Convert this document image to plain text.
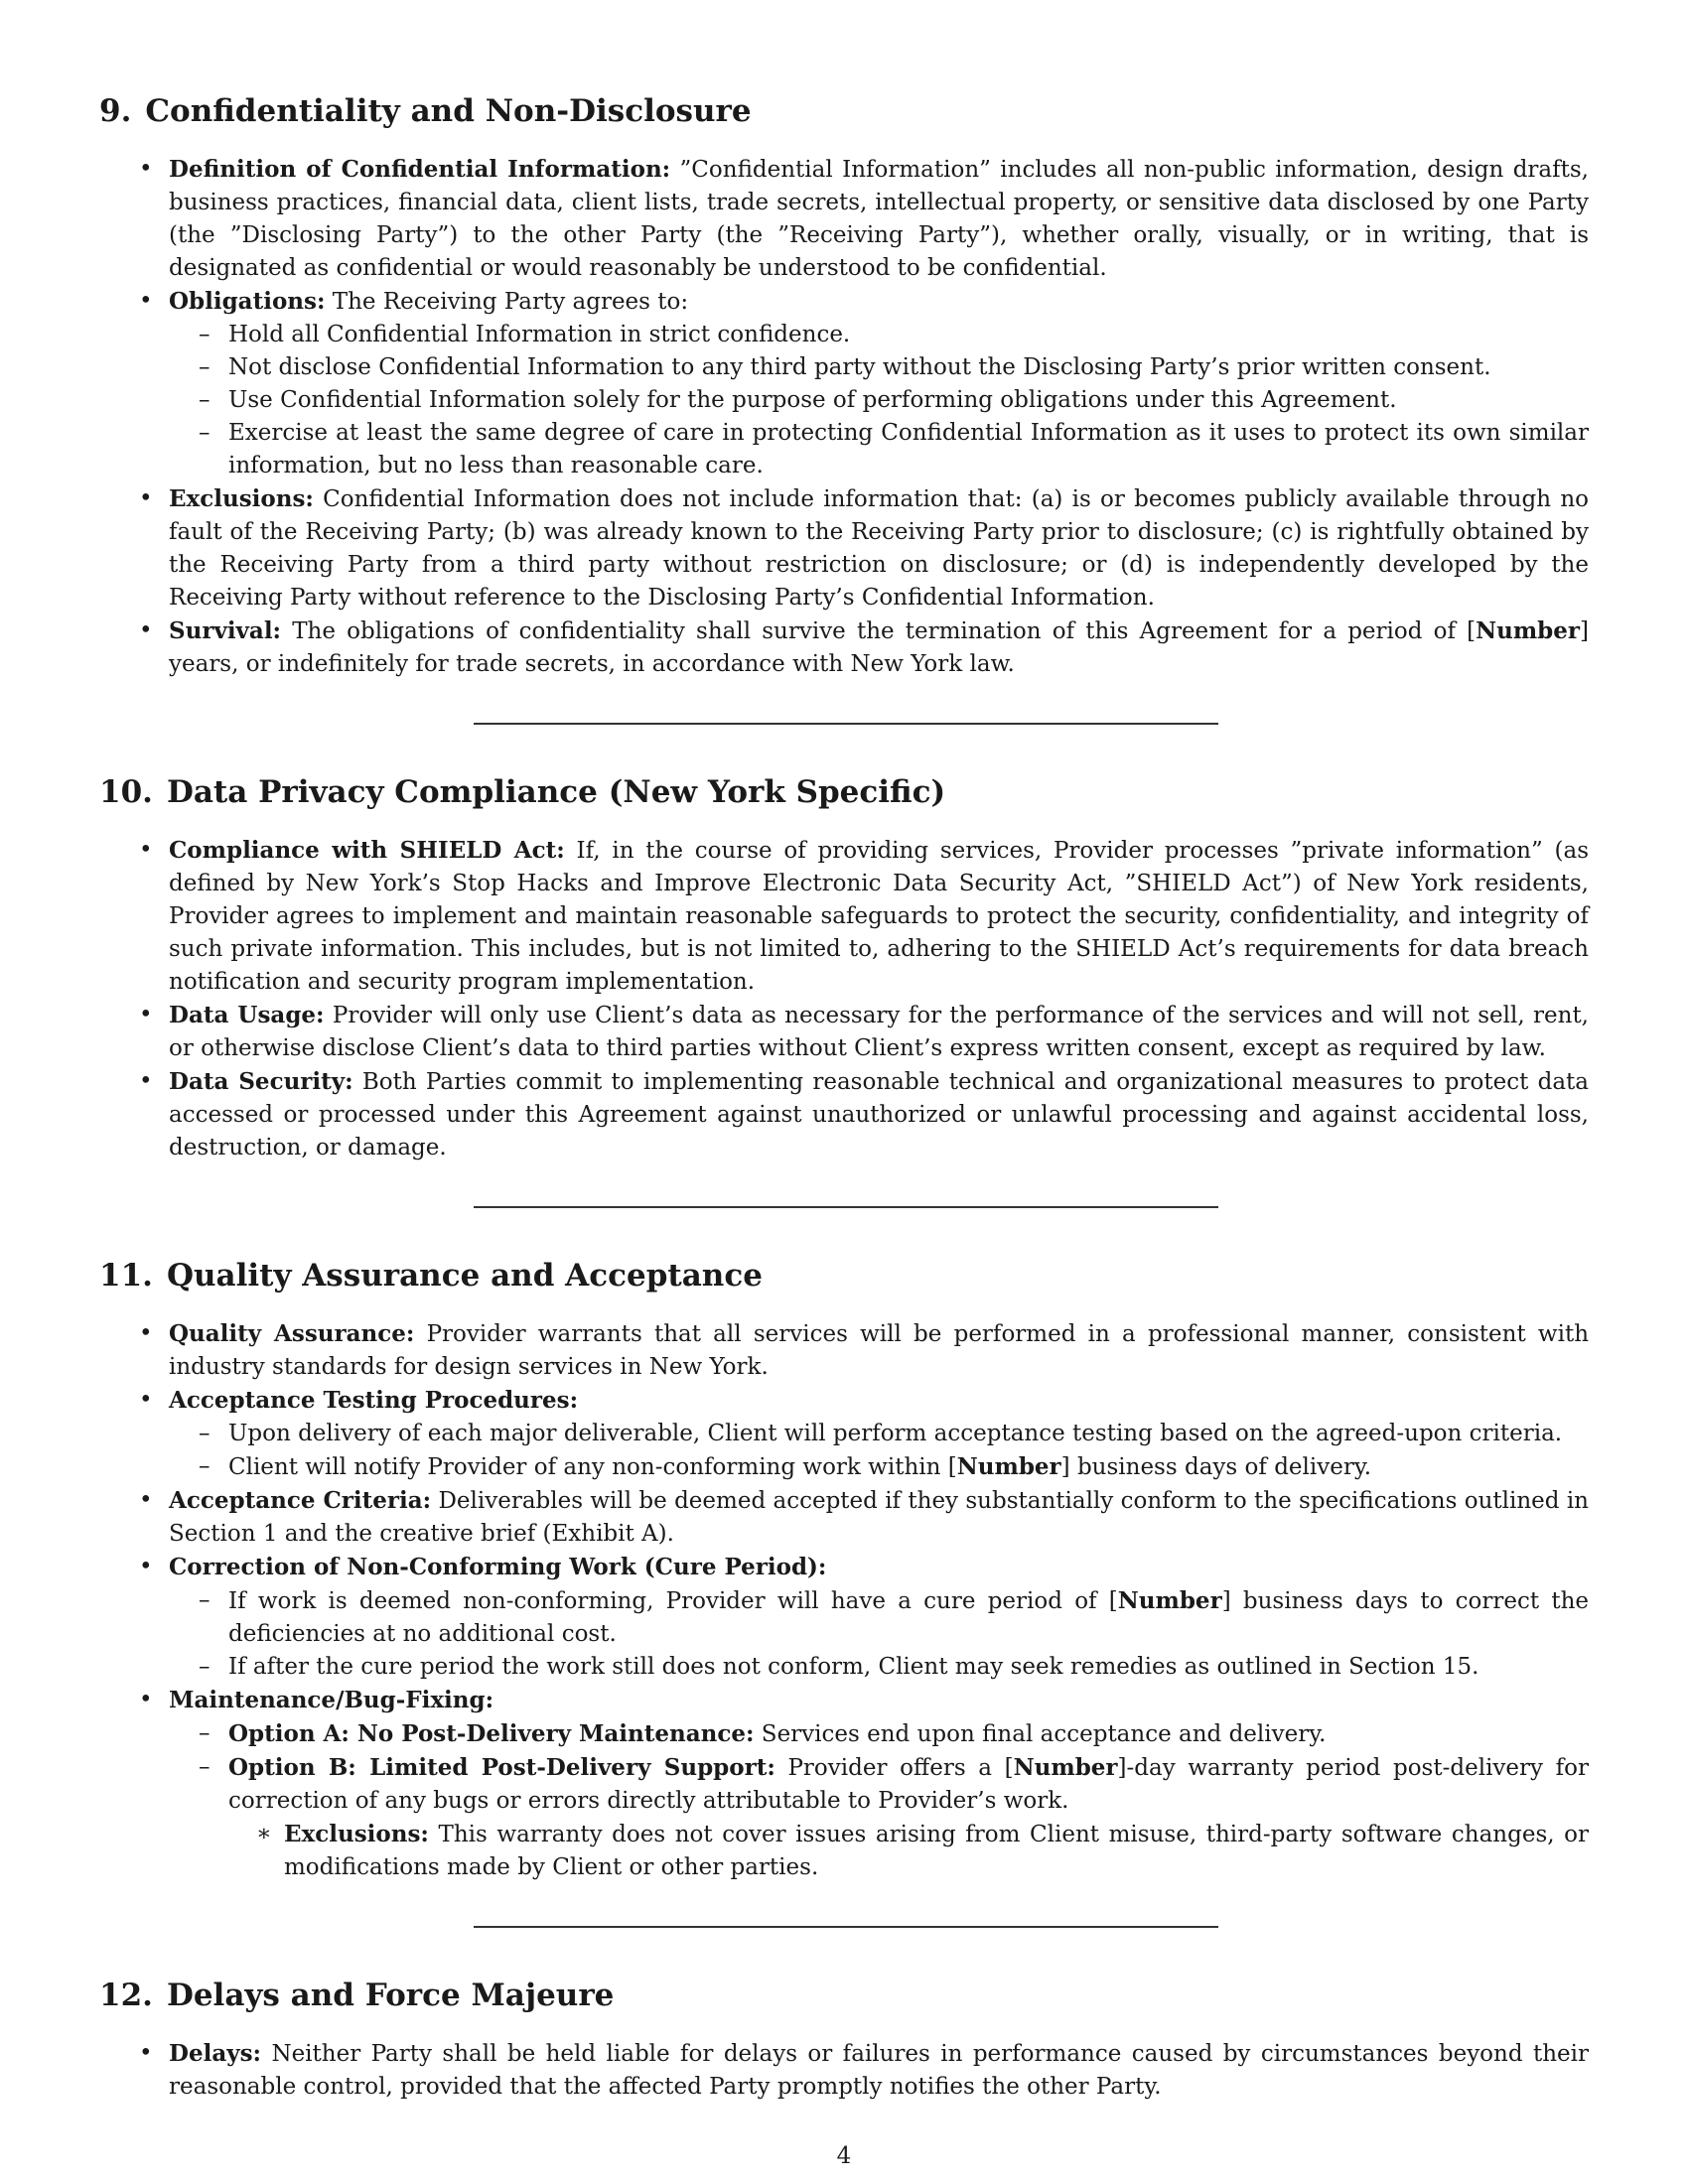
9. Confidentiality and Non-Disclosure
• Definition of Confidential Information: ”Confidential Information” includes all non-public information, design drafts, business practices, financial data, client lists, trade secrets, intellectual property, or sensitive data disclosed by one Party (the ”Disclosing Party”) to the other Party (the ”Receiving Party”), whether orally, visually, or in writing, that is designated as confidential or would reasonably be understood to be confidential.
• Obligations: The Receiving Party agrees to:
– Hold all Confidential Information in strict confidence.
– Not disclose Confidential Information to any third party without the Disclosing Party’s prior written consent.
– Use Confidential Information solely for the purpose of performing obligations under this Agreement.
– Exercise at least the same degree of care in protecting Confidential Information as it uses to protect its own similar information, but no less than reasonable care.
• Exclusions: Confidential Information does not include information that: (a) is or becomes publicly available through no fault of the Receiving Party; (b) was already known to the Receiving Party prior to disclosure; (c) is rightfully obtained by the Receiving Party from a third party without restriction on disclosure; or (d) is independently developed by the Receiving Party without reference to the Disclosing Party’s Confidential Information.
• Survival: The obligations of confidentiality shall survive the termination of this Agreement for a period of [Number] years, or indefinitely for trade secrets, in accordance with New York law.
10. Data Privacy Compliance (New York Specific)
• Compliance with SHIELD Act: If, in the course of providing services, Provider processes ”private information” (as defined by New York’s Stop Hacks and Improve Electronic Data Security Act, ”SHIELD Act”) of New York residents, Provider agrees to implement and maintain reasonable safeguards to protect the security, confidentiality, and integrity of such private information. This includes, but is not limited to, adhering to the SHIELD Act’s requirements for data breach notification and security program implementation.
• Data Usage: Provider will only use Client’s data as necessary for the performance of the services and will not sell, rent, or otherwise disclose Client’s data to third parties without Client’s express written consent, except as required by law.
• Data Security: Both Parties commit to implementing reasonable technical and organizational measures to protect data accessed or processed under this Agreement against unauthorized or unlawful processing and against accidental loss, destruction, or damage.
11. Quality Assurance and Acceptance
• Quality Assurance: Provider warrants that all services will be performed in a professional manner, consistent with industry standards for design services in New York.
• Acceptance Testing Procedures:
– Upon delivery of each major deliverable, Client will perform acceptance testing based on the agreed-upon criteria.
– Client will notify Provider of any non-conforming work within [Number] business days of delivery.
• Acceptance Criteria: Deliverables will be deemed accepted if they substantially conform to the specifications outlined in Section 1 and the creative brief (Exhibit A).
• Correction of Non-Conforming Work (Cure Period):
– If work is deemed non-conforming, Provider will have a cure period of [Number] business days to correct the deficiencies at no additional cost.
– If after the cure period the work still does not conform, Client may seek remedies as outlined in Section 15.
• Maintenance/Bug-Fixing:
– Option A: No Post-Delivery Maintenance: Services end upon final acceptance and delivery.
– Option B: Limited Post-Delivery Support: Provider offers a [Number]-day warranty period post-delivery for correction of any bugs or errors directly attributable to Provider’s work.
∗ Exclusions: This warranty does not cover issues arising from Client misuse, third-party software changes, or modifications made by Client or other parties.
12. Delays and Force Majeure
• Delays: Neither Party shall be held liable for delays or failures in performance caused by circumstances beyond their reasonable control, provided that the affected Party promptly notifies the other Party.
4
